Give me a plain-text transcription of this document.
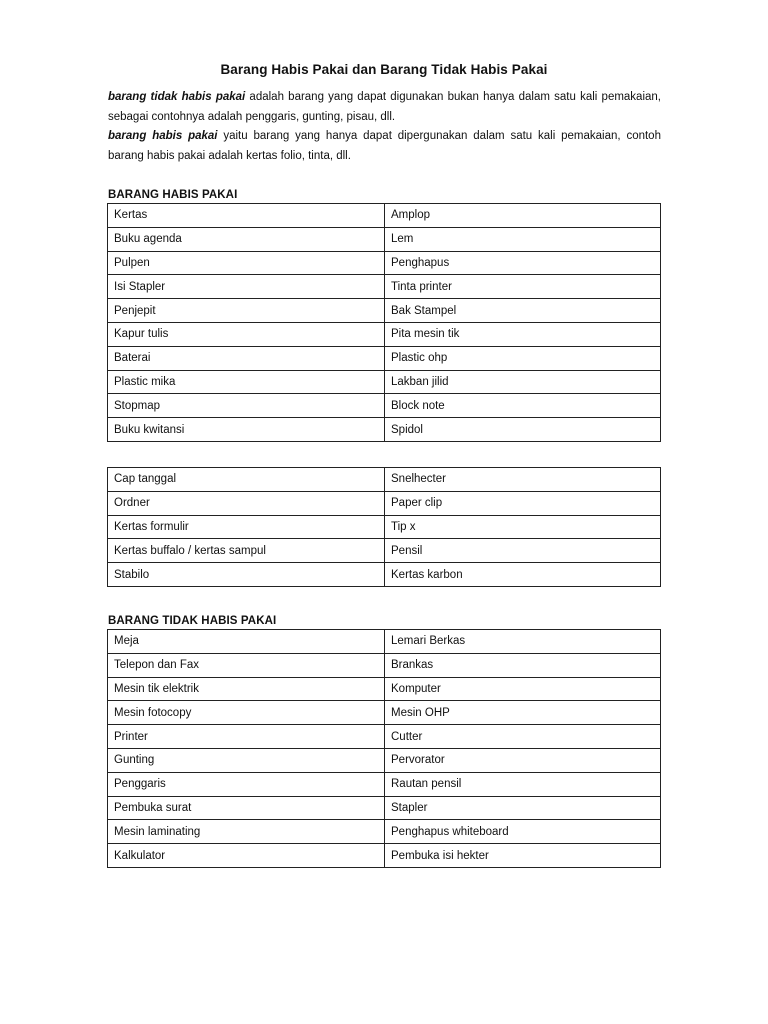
Barang Habis Pakai dan Barang Tidak Habis Pakai

barang tidak habis pakai adalah barang yang dapat digunakan bukan hanya dalam satu kali pemakaian, sebagai contohnya adalah penggaris, gunting, pisau, dll.

barang habis pakai yaitu barang yang hanya dapat dipergunakan dalam satu kali pemakaian, contoh barang habis pakai adalah kertas folio, tinta, dll.

BARANG HABIS PAKAI
Kertas	Amplop
Buku agenda	Lem
Pulpen	Penghapus
Isi Stapler	Tinta printer
Penjepit	Bak Stampel
Kapur tulis	Pita mesin tik
Baterai	Plastic ohp
Plastic mika	Lakban jilid
Stopmap	Block note
Buku kwitansi	Spidol
Cap tanggal	Snelhecter
Ordner	Paper clip
Kertas formulir	Tip x
Kertas buffalo / kertas sampul	Pensil
Stabilo	Kertas karbon
BARANG TIDAK HABIS PAKAI
Meja	Lemari Berkas
Telepon dan Fax	Brankas
Mesin tik elektrik	Komputer
Mesin fotocopy	Mesin OHP
Printer	Cutter
Gunting	Pervorator
Penggaris	Rautan pensil
Pembuka surat	Stapler
Mesin laminating	Penghapus whiteboard
Kalkulator	Pembuka isi hekter
